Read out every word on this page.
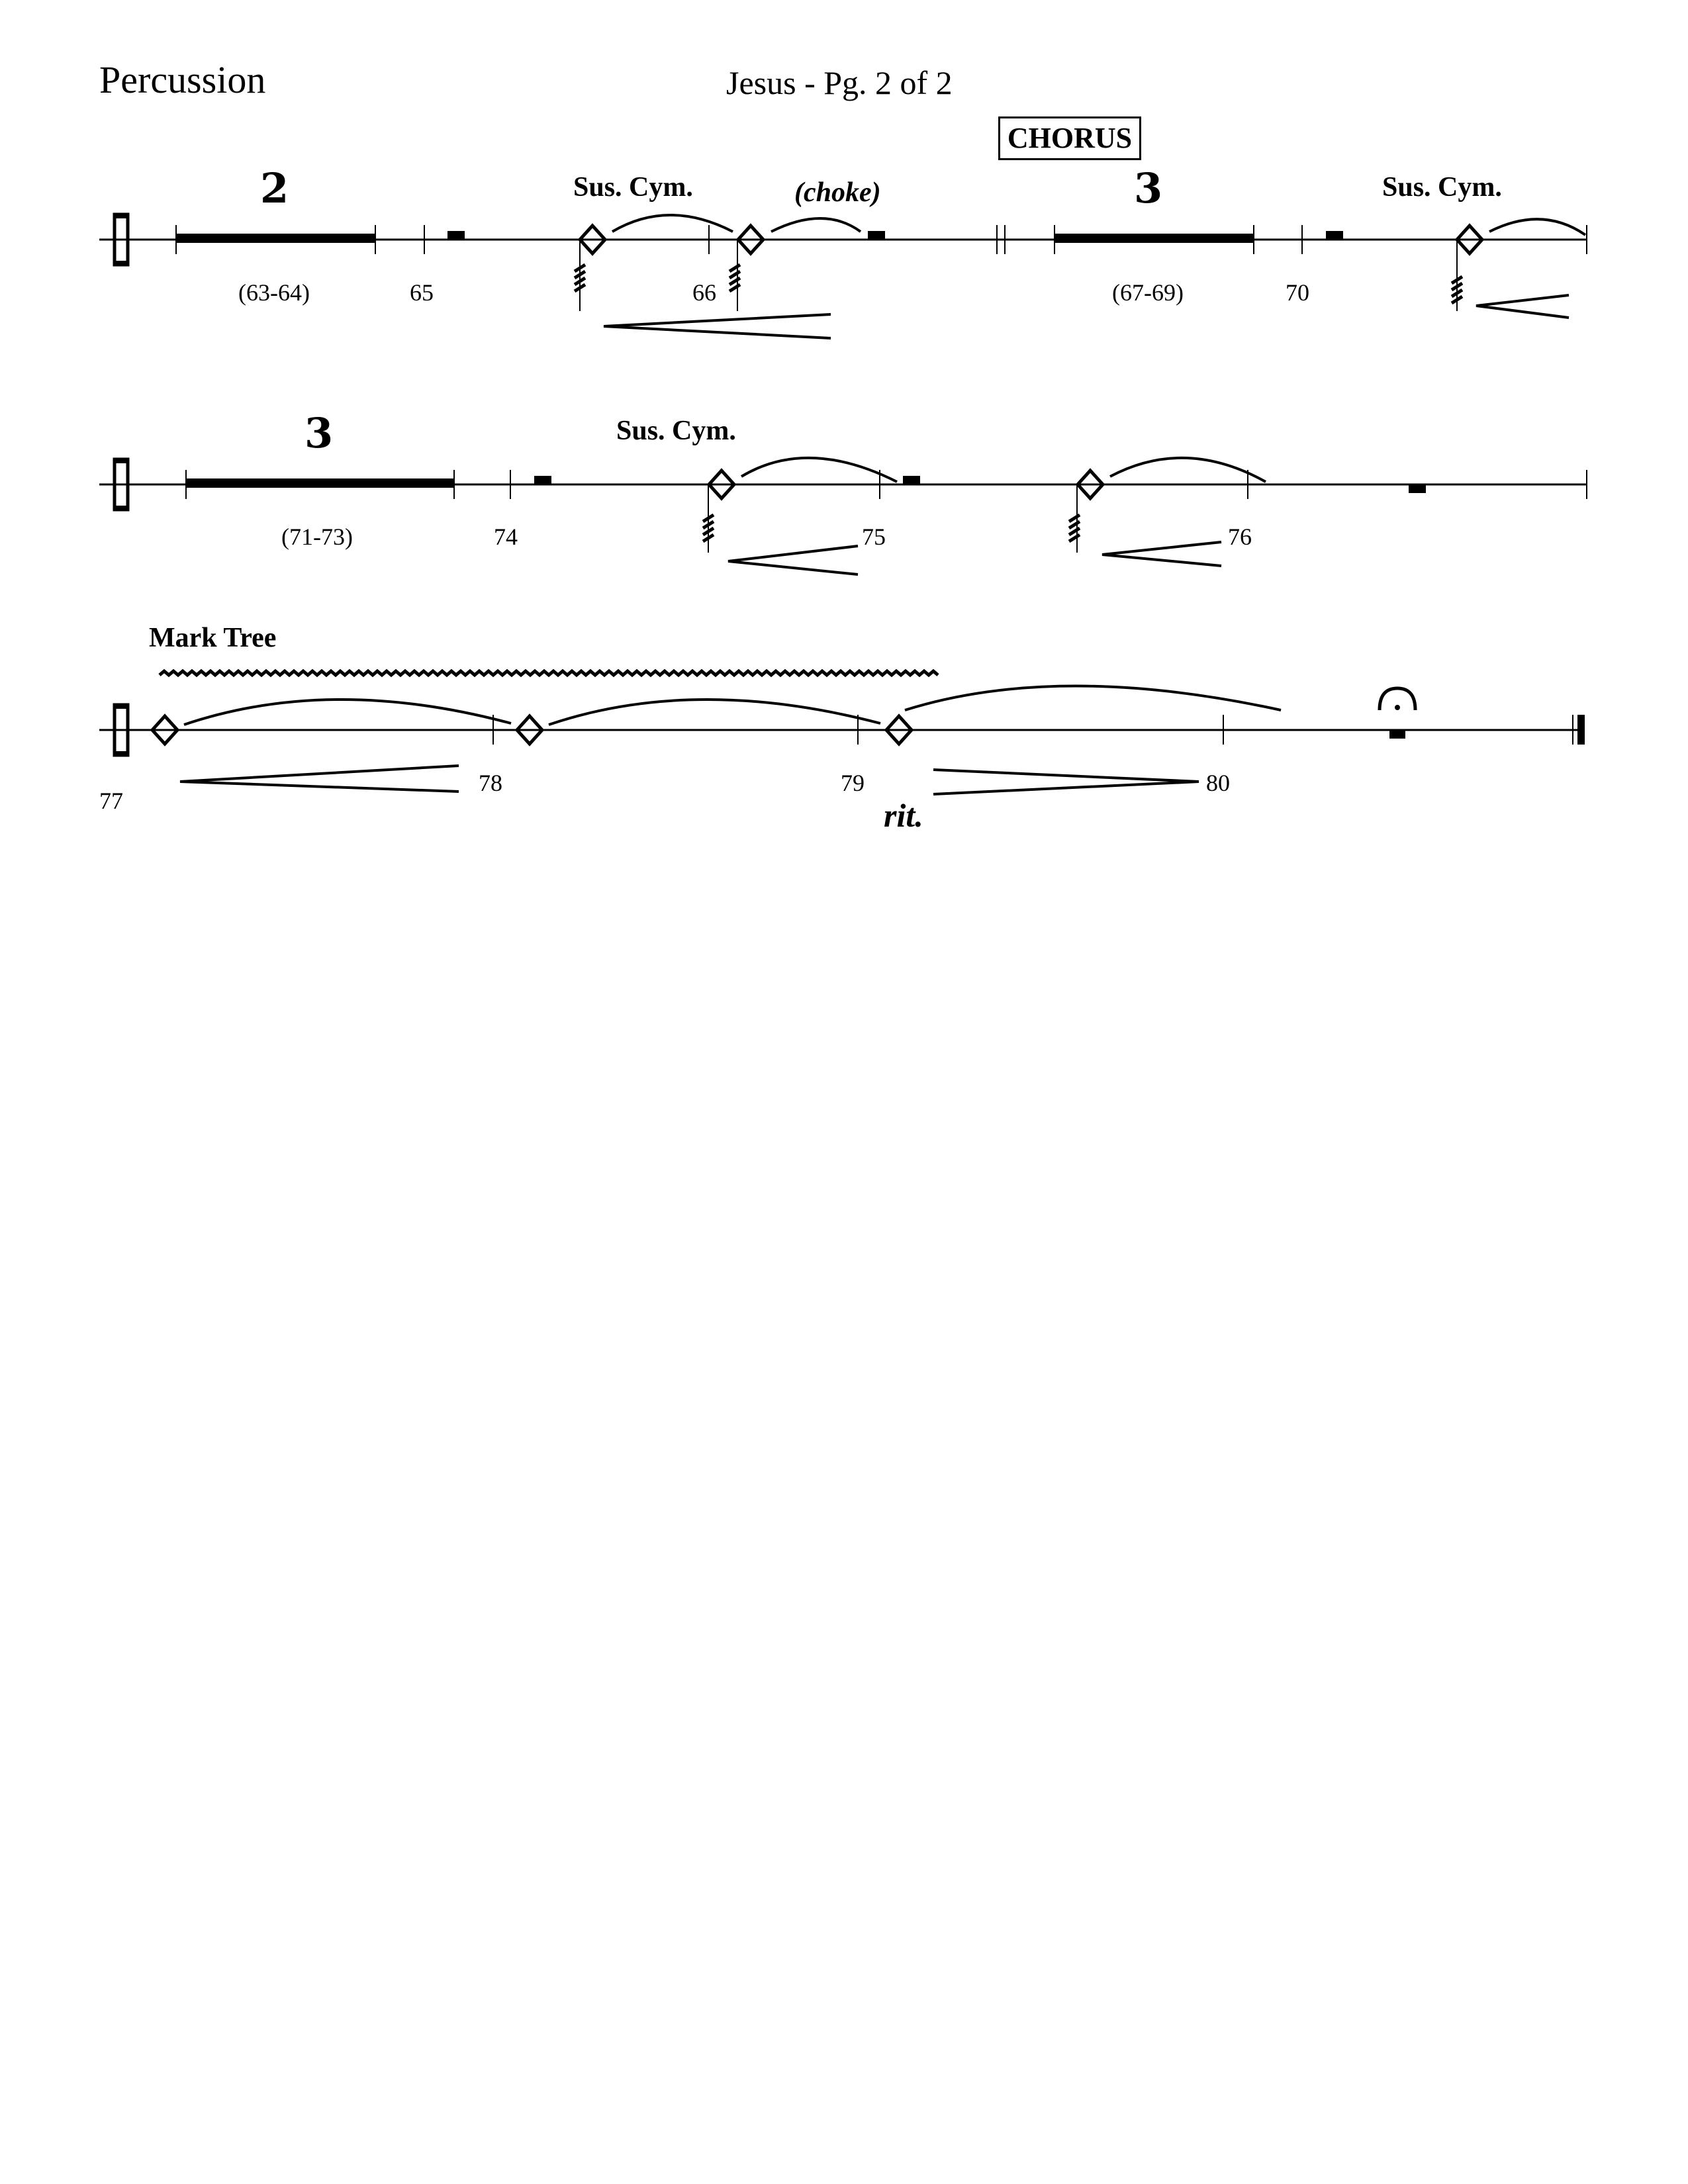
Percussion	Jesus - Pg. 2 of 2
CHORUS
2	Sus. Cym.	(choke)	3	Sus. Cym.
(63-64)	65	66	(67-69)	70
3	Sus. Cym.
(71-73)	74	75	76
Mark Tree
77
78	79	80
rit.
